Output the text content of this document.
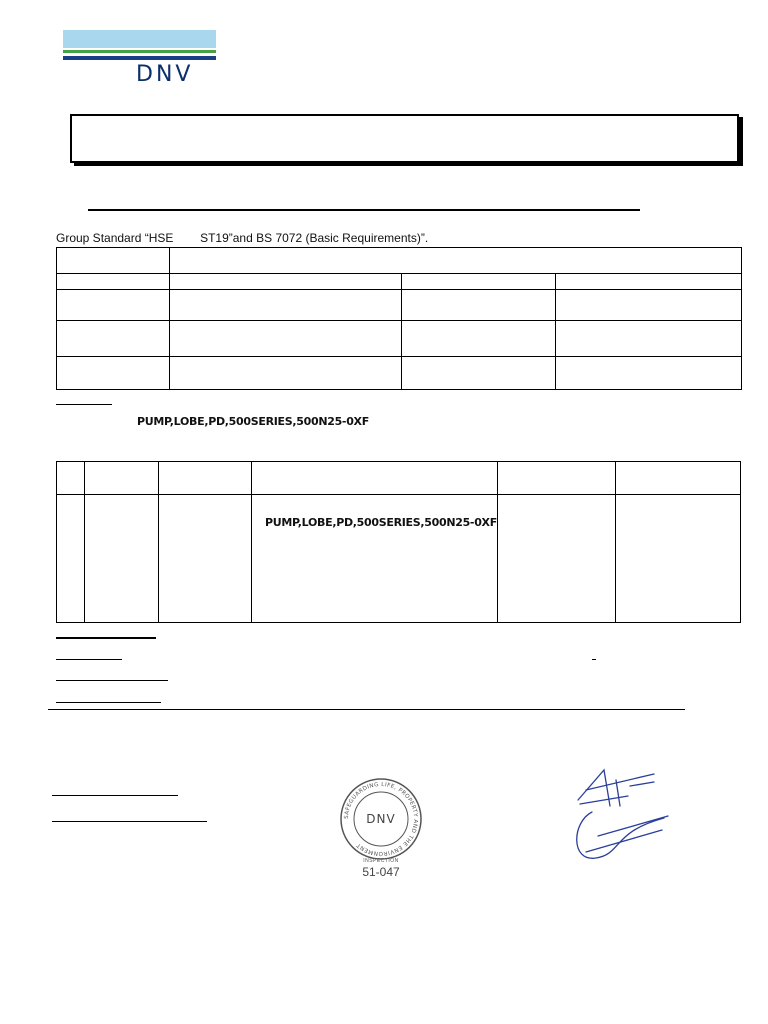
DNV
Group Standard “HSE        ST19”and BS 7072 (Basic Requirements)”.

PUMP,LOBE,PD,500SERIES,500N25-0XF

			PUMP,LOBE,PD,500SERIES,500N25-0XF		

DNV
SAFEGUARDING LIFE, PROPERTY AND THE ENVIRONMENT
INSPECTION
51-047
